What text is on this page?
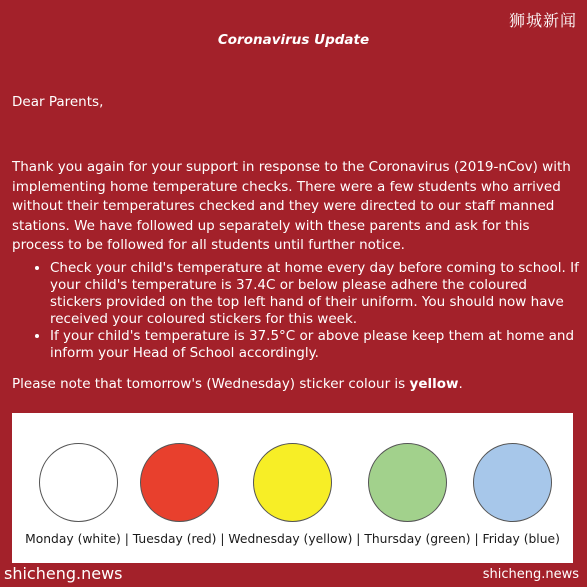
狮城新闻
Coronavirus Update
Dear Parents,
Thank you again for your support in response to the Coronavirus (2019-nCov) with implementing home temperature checks. There were a few students who arrived without their temperatures checked and they were directed to our staff manned stations. We have followed up separately with these parents and ask for this process to be followed for all students until further notice.
• Check your child's temperature at home every day before coming to school. If your child's temperature is 37.4C or below please adhere the coloured stickers provided on the top left hand of their uniform. You should now have received your coloured stickers for this week.
• If your child's temperature is 37.5°C or above please keep them at home and inform your Head of School accordingly.
Please note that tomorrow's (Wednesday) sticker colour is yellow.
Monday (white) | Tuesday (red) | Wednesday (yellow) | Thursday (green) | Friday (blue)
shicheng.news	shicheng.news
